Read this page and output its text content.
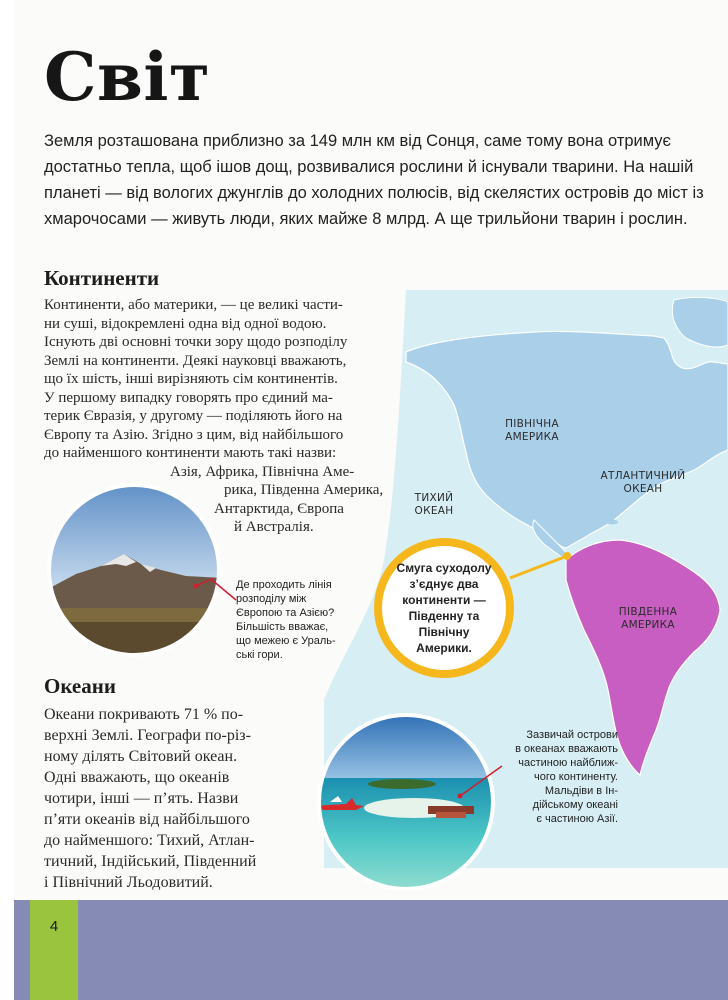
Світ
Земля розташована приблизно за 149 млн км від Сонця, саме тому вона отримує достатньо тепла, щоб ішов дощ, розвивалися рослини й існували тварини. На нашій планеті — від вологих джунглів до холодних полюсів, від скелястих островів до міст із хмарочосами — живуть люди, яких майже 8 млрд. А ще трильйони тварин і рослин.
ПІВНІЧНА
АМЕРИКА
АТЛАНТИЧНИЙ
ОКЕАН
ТИХИЙ
ОКЕАН
ПІВДЕННА
АМЕРИКА
Смуга суходолу з’єднує два континенти — Південну та Північну Америки.
Континенти

Континенти, або материки, — це великі части-

ни суші, відокремлені одна від одної водою.

Існують дві основні точки зору щодо розподілу

Землі на континенти. Деякі науковці вважають,

що їх шість, інші вирізняють сім континентів.

У першому випадку говорять про єдиний ма-

терик Євразія, у другому — поділяють його на

Європу та Азію. Згідно з цим, від найбільшого

до найменшого континенти мають такі назви:

Азія, Африка, Північна Аме-

рика, Південна Америка,

Антарктида, Європа

й Австралія.

Де проходить лінія
розподілу між
Європою та Азією?
Більшість вважає,
що межею є Ураль-
ські гори.
Океани

Океани покривають 71 % по-

верхні Землі. Географи по-різ-

ному ділять Світовий океан.

Одні вважають, що океанів

чотири, інші — п’ять. Назви

п’яти океанів від найбільшого

до найменшого: Тихий, Атлан-

тичний, Індійський, Південний

і Північний Льодовитий.

Зазвичай острови
в океанах вважають
частиною найближ-
чого континенту.
Мальдіви в Ін-
дійському океані
є частиною Азії.
4
